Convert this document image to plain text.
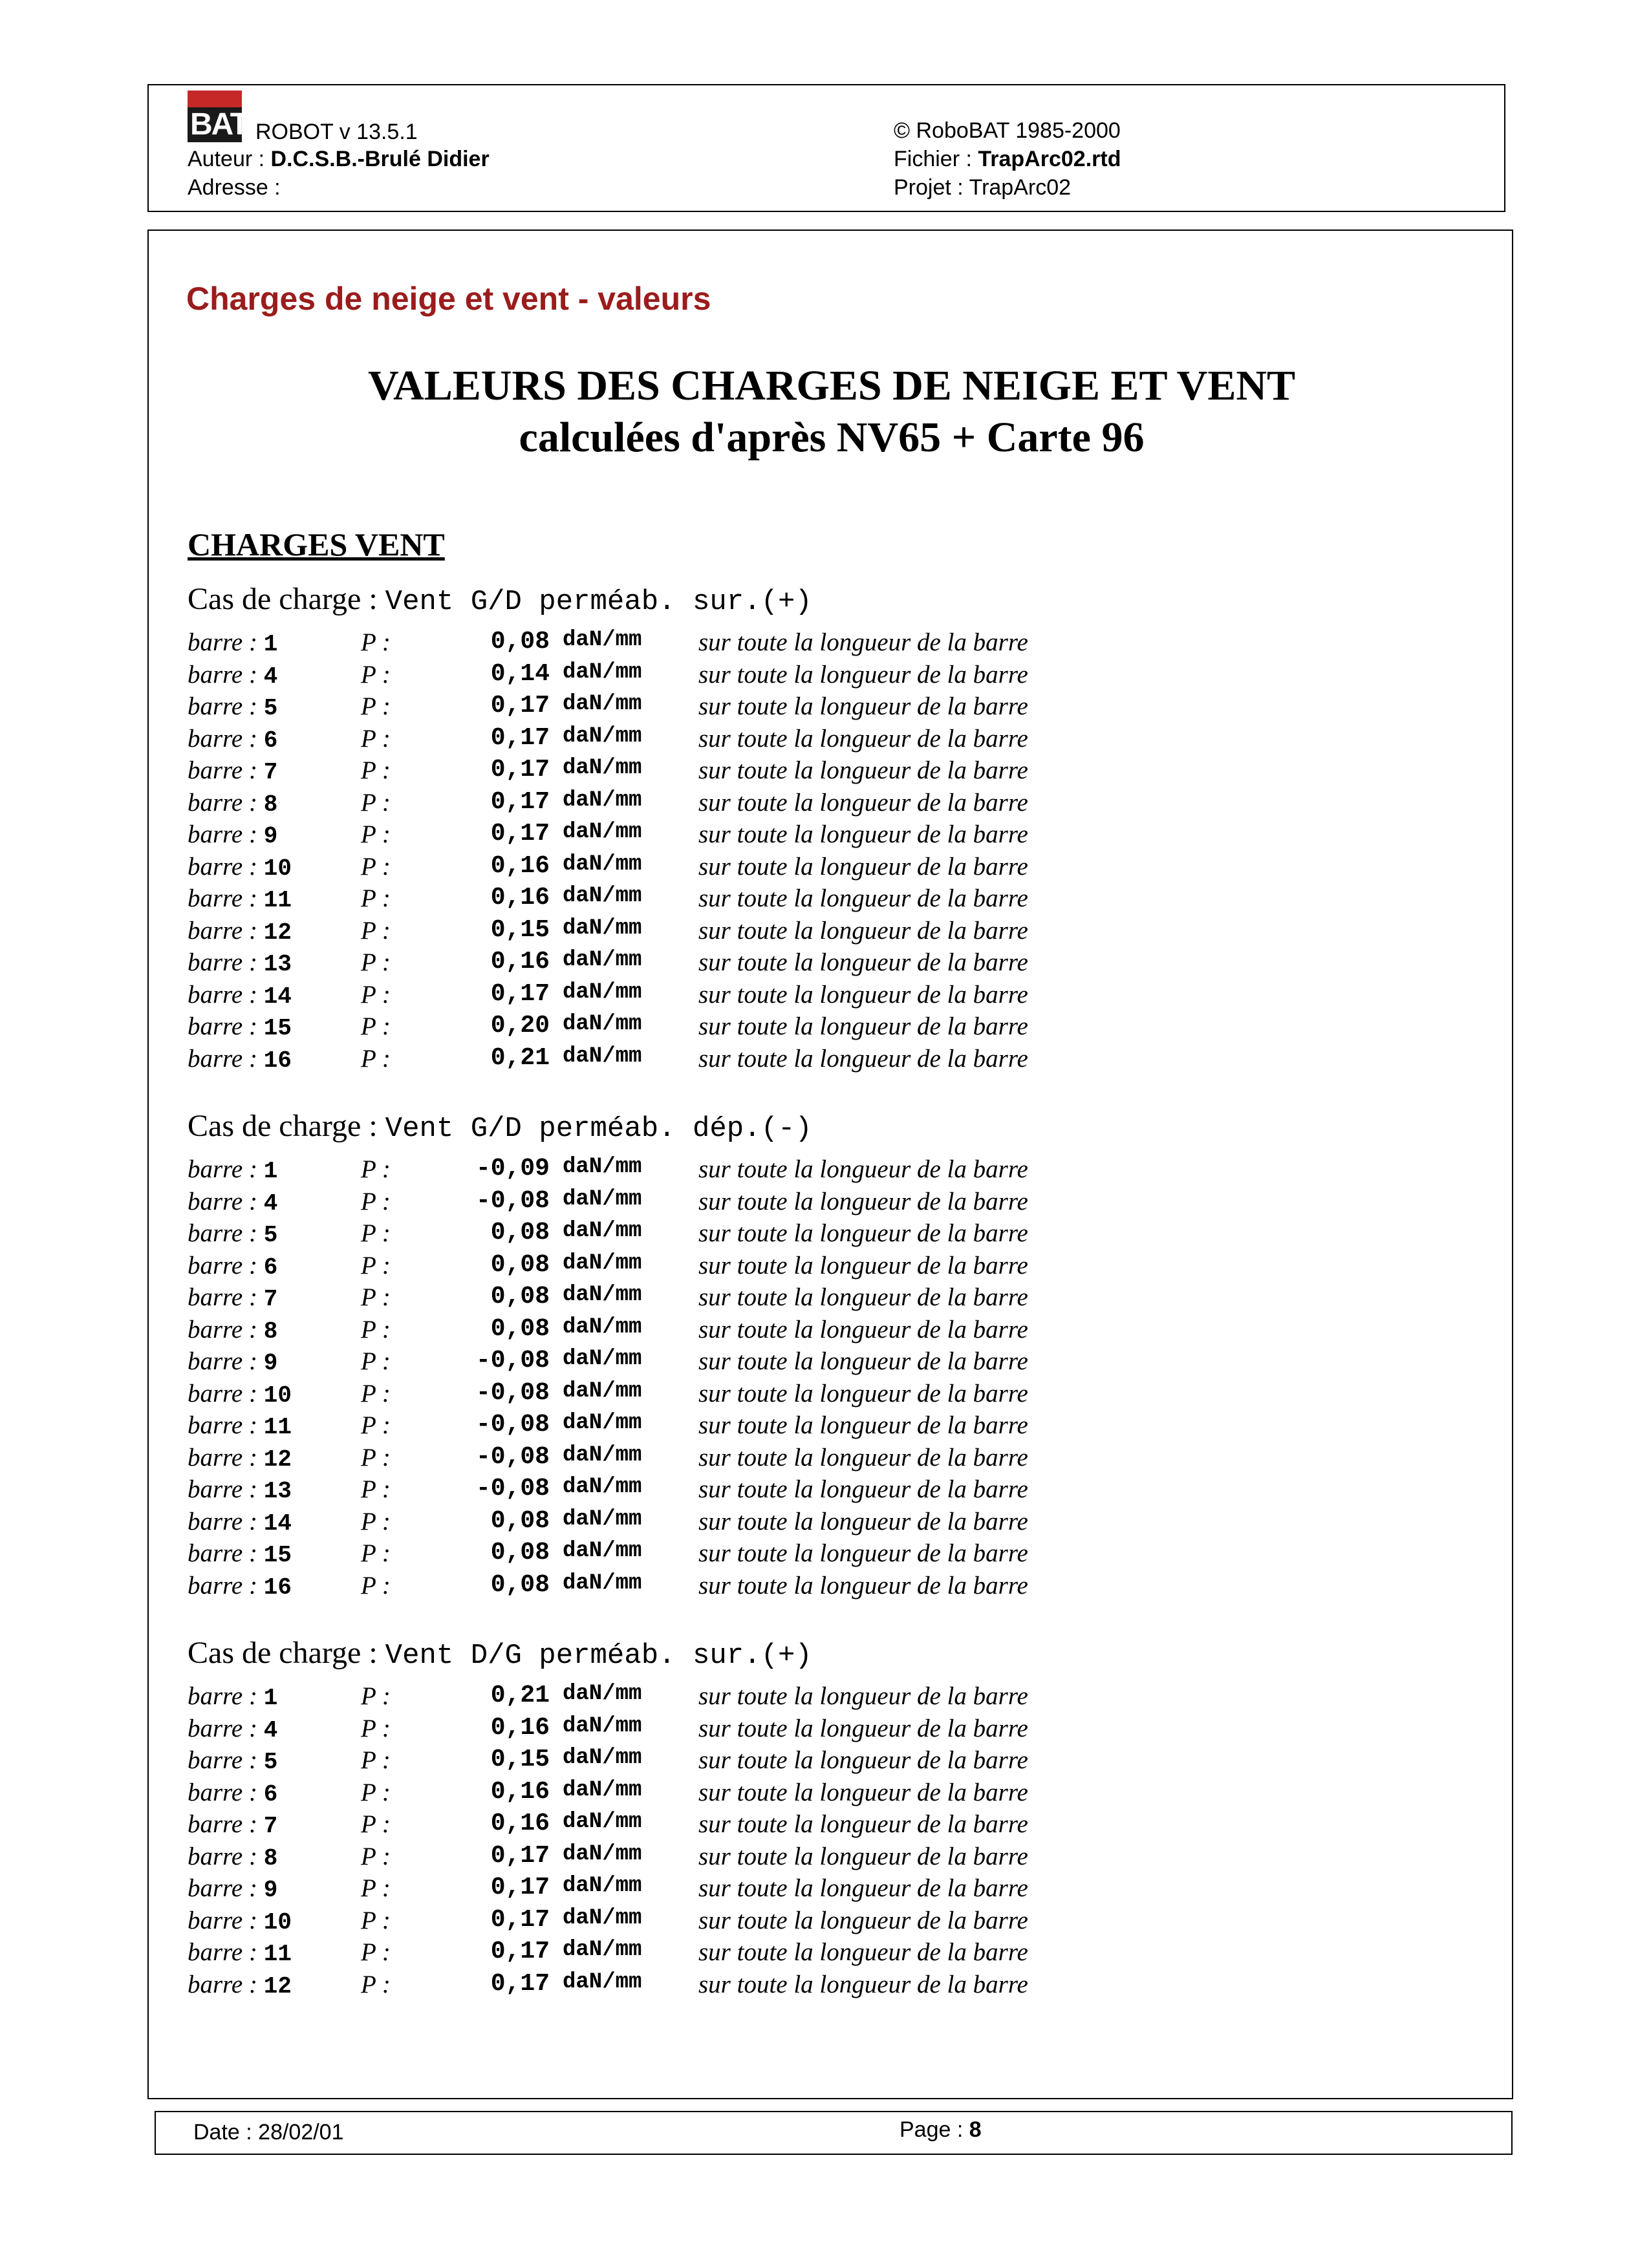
BAT ROBOT v 13.5.1
Auteur : D.C.S.B.-Brulé Didier
Adresse :
© RoboBAT 1985-2000
Fichier : TrapArc02.rtd
Projet : TrapArc02
Charges de neige et vent - valeurs
VALEURS DES CHARGES DE NEIGE ET VENT
calculées d'après NV65 + Carte 96
CHARGES VENT
Cas de charge : Vent G/D perméab. sur.(+)
barre : 1	P :	0,08 daN/mm sur toute la longueur de la barre
barre : 4	P :	0,14 daN/mm sur toute la longueur de la barre
barre : 5	P :	0,17 daN/mm sur toute la longueur de la barre
barre : 6	P :	0,17 daN/mm sur toute la longueur de la barre
barre : 7	P :	0,17 daN/mm sur toute la longueur de la barre
barre : 8	P :	0,17 daN/mm sur toute la longueur de la barre
barre : 9	P :	0,17 daN/mm sur toute la longueur de la barre
barre : 10	P :	0,16 daN/mm sur toute la longueur de la barre
barre : 11	P :	0,16 daN/mm sur toute la longueur de la barre
barre : 12	P :	0,15 daN/mm sur toute la longueur de la barre
barre : 13	P :	0,16 daN/mm sur toute la longueur de la barre
barre : 14	P :	0,17 daN/mm sur toute la longueur de la barre
barre : 15	P :	0,20 daN/mm sur toute la longueur de la barre
barre : 16	P :	0,21 daN/mm sur toute la longueur de la barre
Cas de charge : Vent G/D perméab. dép.(-)
barre : 1	P :	-0,09 daN/mm sur toute la longueur de la barre
barre : 4	P :	-0,08 daN/mm sur toute la longueur de la barre
barre : 5	P :	0,08 daN/mm sur toute la longueur de la barre
barre : 6	P :	0,08 daN/mm sur toute la longueur de la barre
barre : 7	P :	0,08 daN/mm sur toute la longueur de la barre
barre : 8	P :	0,08 daN/mm sur toute la longueur de la barre
barre : 9	P :	-0,08 daN/mm sur toute la longueur de la barre
barre : 10	P :	-0,08 daN/mm sur toute la longueur de la barre
barre : 11	P :	-0,08 daN/mm sur toute la longueur de la barre
barre : 12	P :	-0,08 daN/mm sur toute la longueur de la barre
barre : 13	P :	-0,08 daN/mm sur toute la longueur de la barre
barre : 14	P :	0,08 daN/mm sur toute la longueur de la barre
barre : 15	P :	0,08 daN/mm sur toute la longueur de la barre
barre : 16	P :	0,08 daN/mm sur toute la longueur de la barre
Cas de charge : Vent D/G perméab. sur.(+)
barre : 1	P :	0,21 daN/mm sur toute la longueur de la barre
barre : 4	P :	0,16 daN/mm sur toute la longueur de la barre
barre : 5	P :	0,15 daN/mm sur toute la longueur de la barre
barre : 6	P :	0,16 daN/mm sur toute la longueur de la barre
barre : 7	P :	0,16 daN/mm sur toute la longueur de la barre
barre : 8	P :	0,17 daN/mm sur toute la longueur de la barre
barre : 9	P :	0,17 daN/mm sur toute la longueur de la barre
barre : 10	P :	0,17 daN/mm sur toute la longueur de la barre
barre : 11	P :	0,17 daN/mm sur toute la longueur de la barre
barre : 12	P :	0,17 daN/mm sur toute la longueur de la barre
Date : 28/02/01	Page : 8
